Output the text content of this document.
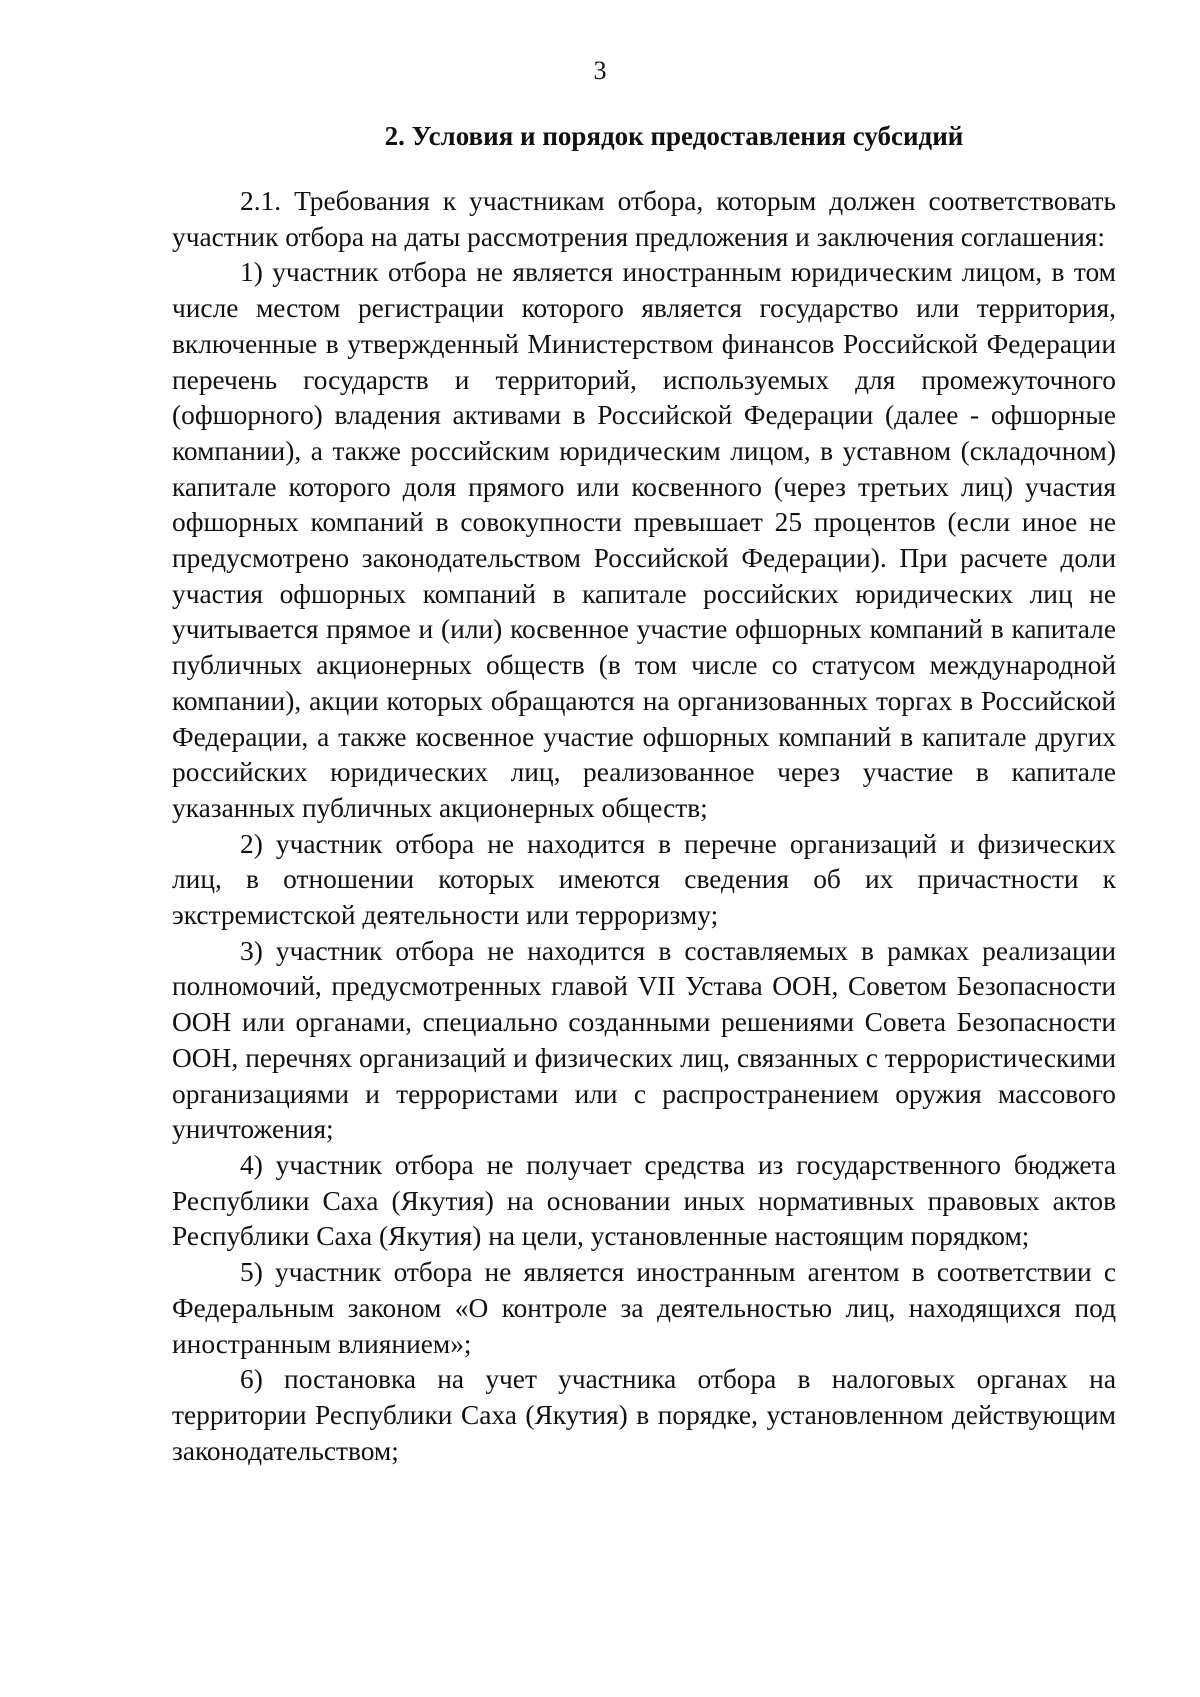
3
2. Условия и порядок предоставления субсидий

2.1. Требования к участникам отбора, которым должен соответствовать участник отбора на даты рассмотрения предложения и заключения соглашения:

1) участник отбора не является иностранным юридическим лицом, в том числе местом регистрации которого является государство или территория, включенные в утвержденный Министерством финансов Российской Федерации перечень государств и территорий, используемых для промежуточного (офшорного) владения активами в Российской Федерации (далее - офшорные компании), а также российским юридическим лицом, в уставном (складочном) капитале которого доля прямого или косвенного (через третьих лиц) участия офшорных компаний в совокупности превышает 25 процентов (если иное не предусмотрено законодательством Российской Федерации). При расчете доли участия офшорных компаний в капитале российских юридических лиц не учитывается прямое и (или) косвенное участие офшорных компаний в капитале публичных акционерных обществ (в том числе со статусом международной компании), акции которых обращаются на организованных торгах в Российской Федерации, а также косвенное участие офшорных компаний в капитале других российских юридических лиц, реализованное через участие в капитале указанных публичных акционерных обществ;

2) участник отбора не находится в перечне организаций и физических лиц, в отношении которых имеются сведения об их причастности к экстремистской деятельности или терроризму;

3) участник отбора не находится в составляемых в рамках реализации полномочий, предусмотренных главой VII Устава ООН, Советом Безопасности ООН или органами, специально созданными решениями Совета Безопасности ООН, перечнях организаций и физических лиц, связанных с террористическими организациями и террористами или с распространением оружия массового уничтожения;

4) участник отбора не получает средства из государственного бюджета Республики Саха (Якутия) на основании иных нормативных правовых актов Республики Саха (Якутия) на цели, установленные настоящим порядком;

5) участник отбора не является иностранным агентом в соответствии с Федеральным законом «О контроле за деятельностью лиц, находящихся под иностранным влиянием»;

6) постановка на учет участника отбора в налоговых органах на территории Республики Саха (Якутия) в порядке, установленном действующим законодательством;
